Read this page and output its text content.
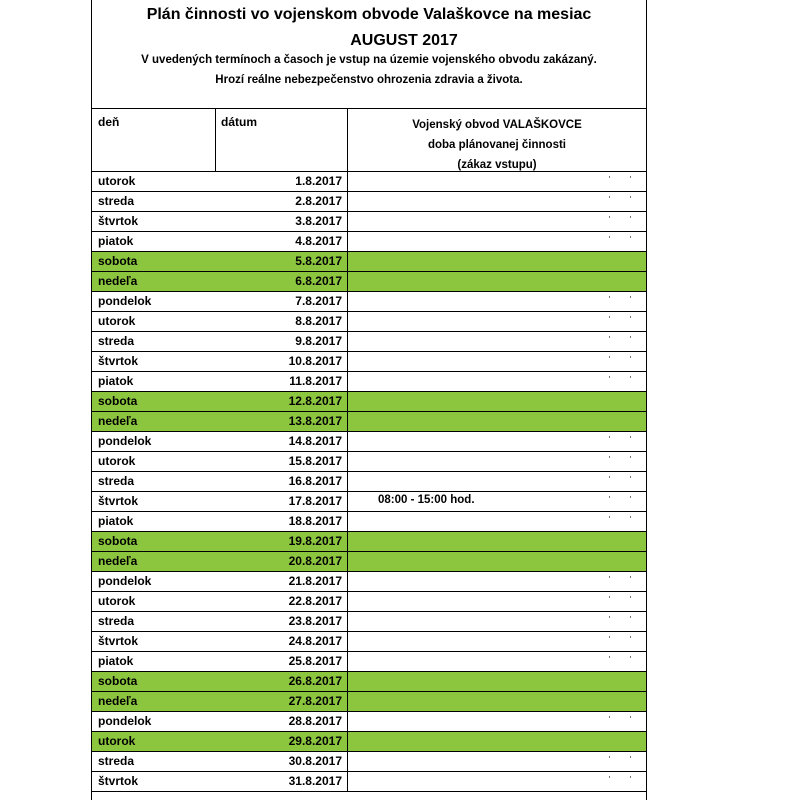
Plán činnosti vo vojenskom obvode Valaškovce na mesiac
AUGUST 2017
V uvedených termínoch a časoch je vstup na územie vojenského obvodu zakázaný.
Hrozí reálne nebezpečenstvo ohrozenia zdravia a života.
deň	dátum	Vojenský obvod VALAŠKOVCE
doba plánovanej činnosti
(zákaz vstupu)
utorok	1.8.2017
streda	2.8.2017
štvrtok	3.8.2017
piatok	4.8.2017
sobota	5.8.2017
nedeľa	6.8.2017
pondelok	7.8.2017
utorok	8.8.2017
streda	9.8.2017
štvrtok	10.8.2017
piatok	11.8.2017
sobota	12.8.2017
nedeľa	13.8.2017
pondelok	14.8.2017
utorok	15.8.2017
streda	16.8.2017
štvrtok	17.8.2017	08:00 - 15:00 hod.
piatok	18.8.2017
sobota	19.8.2017
nedeľa	20.8.2017
pondelok	21.8.2017
utorok	22.8.2017
streda	23.8.2017
štvrtok	24.8.2017
piatok	25.8.2017
sobota	26.8.2017
nedeľa	27.8.2017
pondelok	28.8.2017
utorok	29.8.2017
streda	30.8.2017
štvrtok	31.8.2017
